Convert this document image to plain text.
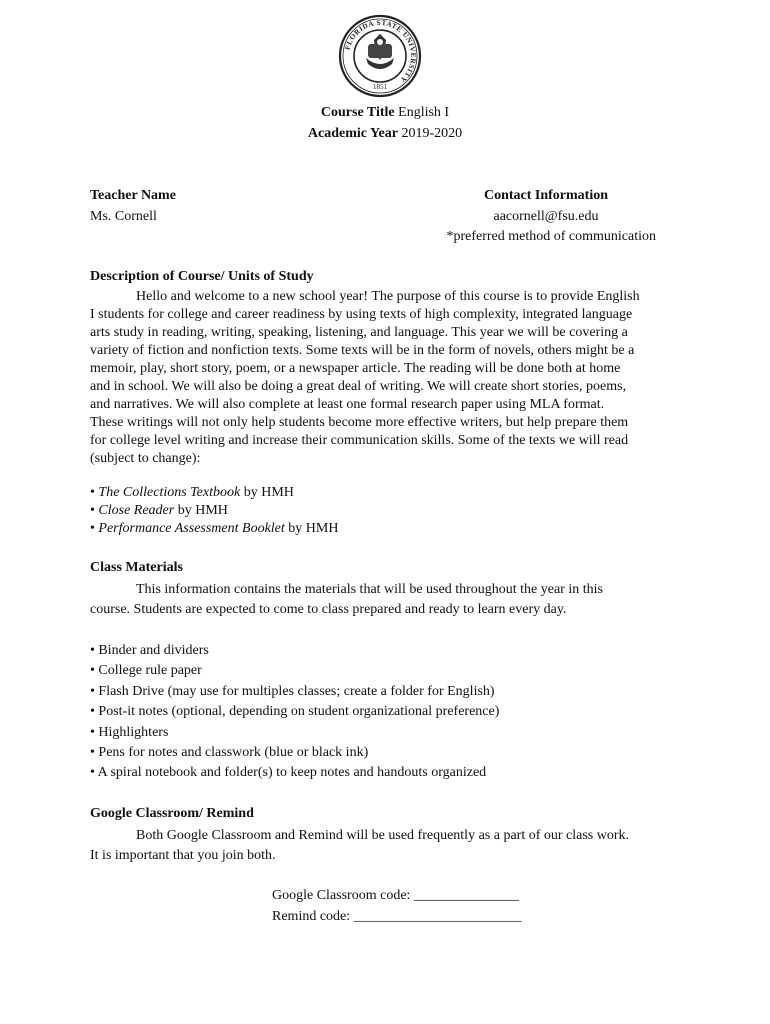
FLORIDA STATE UNIVERSITY
1851
Course Title English I
Academic Year 2019-2020
Teacher Name
Ms. Cornell
Contact Information
aacornell@fsu.edu
*preferred method of communication
Description of Course/ Units of Study
Hello and welcome to a new school year! The purpose of this course is to provide English
I students for college and career readiness by using texts of high complexity, integrated language
arts study in reading, writing, speaking, listening, and language. This year we will be covering a
variety of fiction and nonfiction texts. Some texts will be in the form of novels, others might be a
memoir, play, short story, poem, or a newspaper article. The reading will be done both at home
and in school. We will also be doing a great deal of writing. We will create short stories, poems,
and narratives. We will also complete at least one formal research paper using MLA format.
These writings will not only help students become more effective writers, but help prepare them
for college level writing and increase their communication skills. Some of the texts we will read
(subject to change):
• The Collections Textbook by HMH
• Close Reader by HMH
• Performance Assessment Booklet by HMH
Class Materials
This information contains the materials that will be used throughout the year in this
course. Students are expected to come to class prepared and ready to learn every day.
• Binder and dividers
• College rule paper
• Flash Drive (may use for multiples classes; create a folder for English)
• Post-it notes (optional, depending on student organizational preference)
• Highlighters
• Pens for notes and classwork (blue or black ink)
• A spiral notebook and folder(s) to keep notes and handouts organized
Google Classroom/ Remind
Both Google Classroom and Remind will be used frequently as a part of our class work.
It is important that you join both.
Google Classroom code: _______________
Remind code: ________________________
